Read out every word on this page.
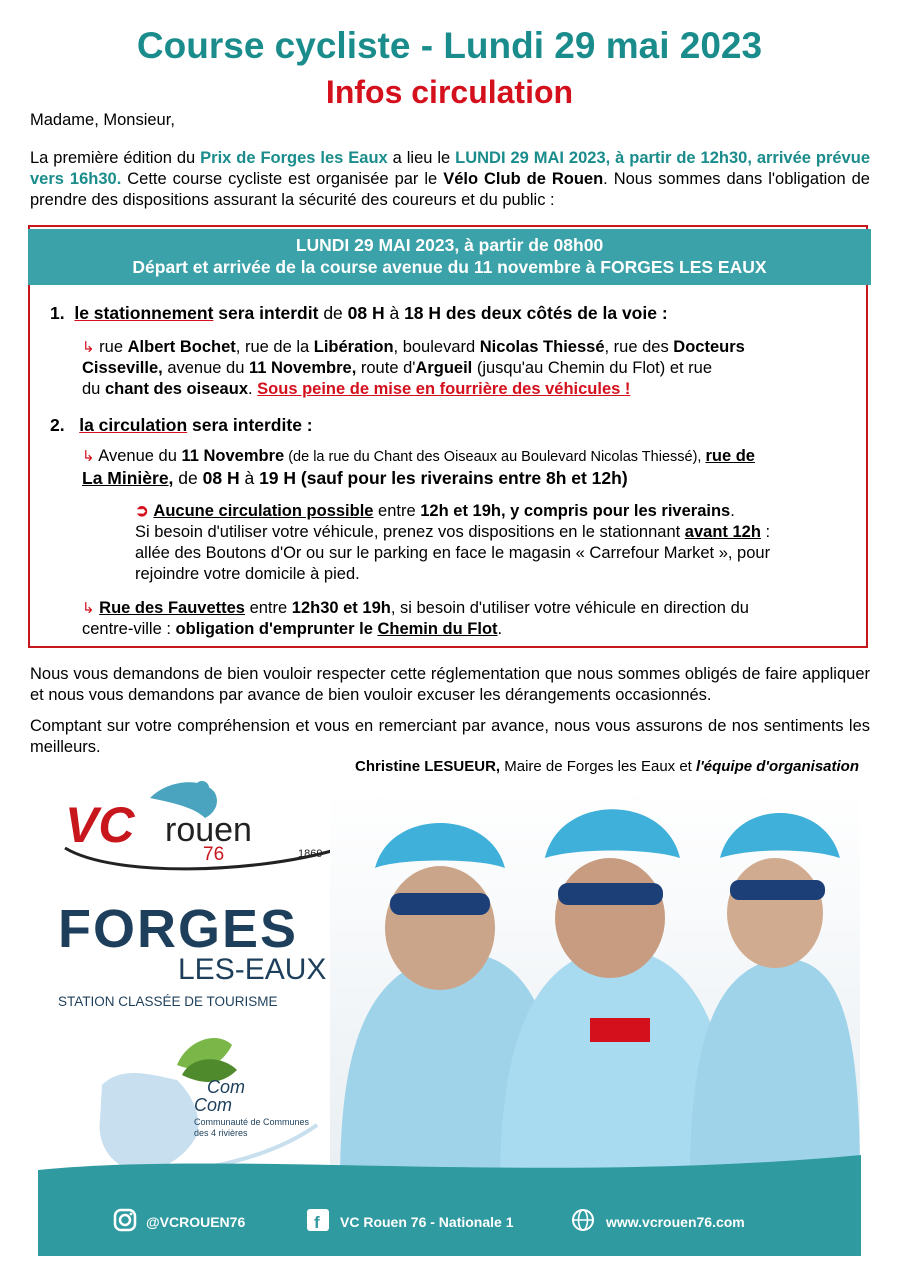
Course cycliste - Lundi 29 mai 2023
Infos circulation
Madame, Monsieur,
La première édition du Prix de Forges les Eaux a lieu le LUNDI 29 MAI 2023, à partir de 12h30, arrivée prévue vers 16h30. Cette course cycliste est organisée par le Vélo Club de Rouen. Nous sommes dans l'obligation de prendre des dispositions assurant la sécurité des coureurs et du public :
LUNDI 29 MAI 2023, à partir de 08h00
Départ et arrivée de la course avenue du 11 novembre à FORGES LES EAUX
1. le stationnement sera interdit de 08 H à 18 H des deux côtés de la voie :
↳ rue Albert Bochet, rue de la Libération, boulevard Nicolas Thiessé, rue des Docteurs
Cisseville, avenue du 11 Novembre, route d'Argueil (jusqu'au Chemin du Flot) et rue
du chant des oiseaux. Sous peine de mise en fourrière des véhicules !
2. la circulation sera interdite :
↳ Avenue du 11 Novembre (de la rue du Chant des Oiseaux au Boulevard Nicolas Thiessé), rue de
La Minière, de 08 H à 19 H (sauf pour les riverains entre 8h et 12h)
➲ Aucune circulation possible entre 12h et 19h, y compris pour les riverains.
Si besoin d'utiliser votre véhicule, prenez vos dispositions en le stationnant avant 12h :
allée des Boutons d'Or ou sur le parking en face le magasin « Carrefour Market », pour
rejoindre votre domicile à pied.
↳ Rue des Fauvettes entre 12h30 et 19h, si besoin d'utiliser votre véhicule en direction du
centre-ville : obligation d'emprunter le Chemin du Flot.
Nous vous demandons de bien vouloir respecter cette réglementation que nous sommes obligés de faire appliquer et nous vous demandons par avance de bien vouloir excuser les dérangements occasionnés.
Comptant sur votre compréhension et vous en remerciant par avance, nous vous assurons de nos sentiments les meilleurs.
Christine LESUEUR, Maire de Forges les Eaux et l'équipe d'organisation
VC rouen
76	1869
FORGES
LES-EAUX
STATION CLASSÉE DE TOURISME
Com
Com
Communauté de Communes
des 4 rivières
@VCROUEN76	f VC Rouen 76 - Nationale 1	www.vcrouen76.com
